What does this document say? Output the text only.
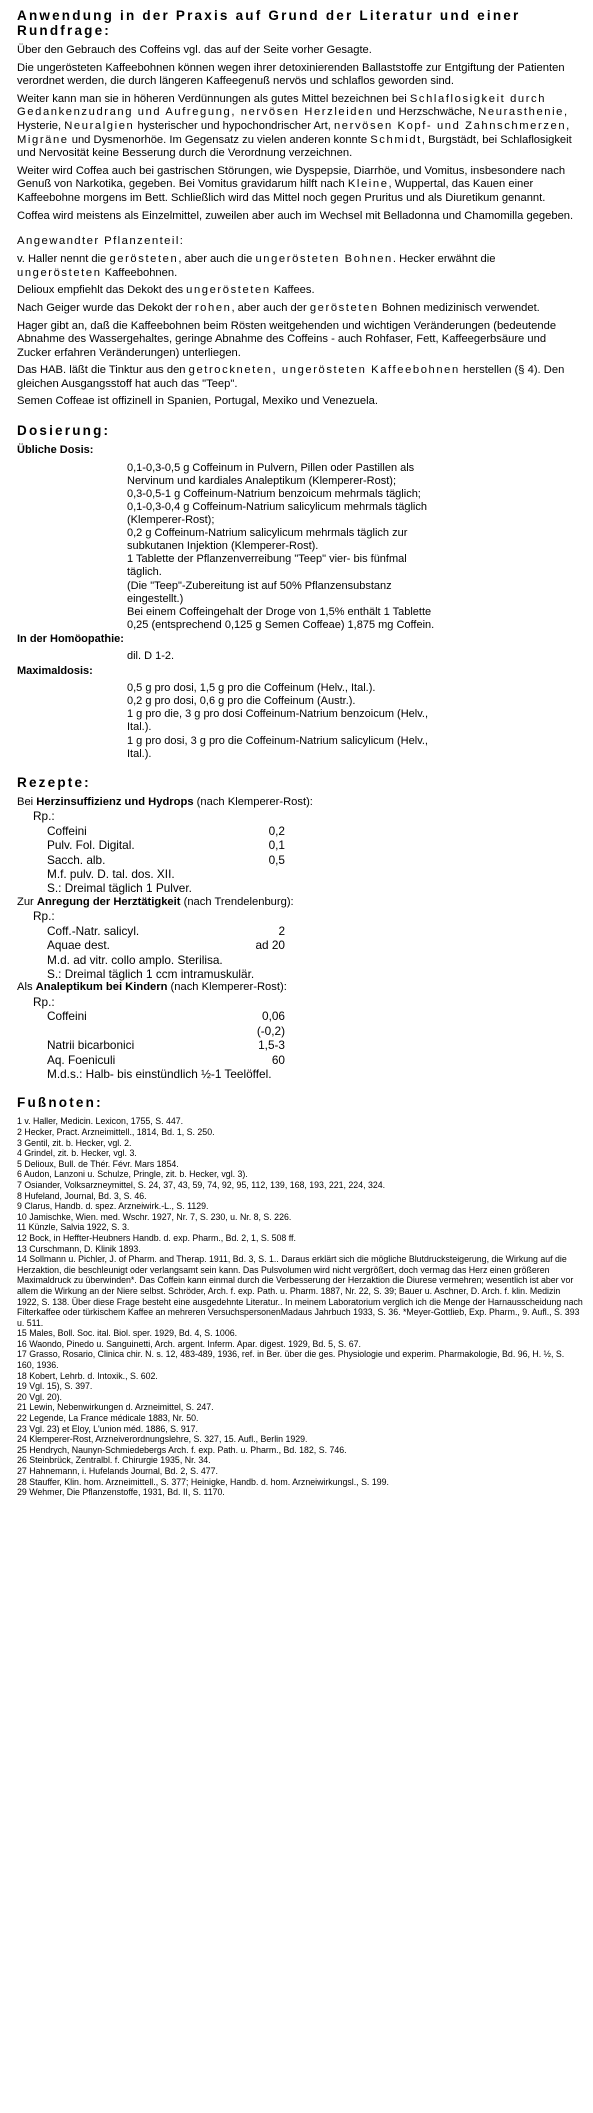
Anwendung in der Praxis auf Grund der Literatur und einer Rundfrage:

Über den Gebrauch des Coffeins vgl. das auf der Seite vorher Gesagte.

Die ungerösteten Kaffeebohnen können wegen ihrer detoxinierenden Ballaststoffe zur Entgiftung der Patienten verordnet werden, die durch längeren Kaffeegenuß nervös und schlaflos geworden sind.

Weiter kann man sie in höheren Verdünnungen als gutes Mittel bezeichnen bei Schlaflosigkeit durch Gedankenzudrang und Aufregung, nervösen Herzleiden und Herzschwäche, Neurasthenie, Hysterie, Neuralgien hysterischer und hypochondrischer Art, nervösen Kopf- und Zahnschmerzen, Migräne und Dysmenorhöe. Im Gegensatz zu vielen anderen konnte Schmidt, Burgstädt, bei Schlaflosigkeit und Nervosität keine Besserung durch die Verordnung verzeichnen.

Weiter wird Coffea auch bei gastrischen Störungen, wie Dyspepsie, Diarrhöe, und Vomitus, insbesondere nach Genuß von Narkotika, gegeben. Bei Vomitus gravidarum hilft nach Kleine, Wuppertal, das Kauen einer Kaffeebohne morgens im Bett. Schließlich wird das Mittel noch gegen Pruritus und als Diuretikum genannt.

Coffea wird meistens als Einzelmittel, zuweilen aber auch im Wechsel mit Belladonna und Chamomilla gegeben.

Angewandter Pflanzenteil:

v. Haller nennt die gerösteten, aber auch die ungerösteten Bohnen. Hecker erwähnt die ungerösteten Kaffeebohnen.

Delioux empfiehlt das Dekokt des ungerösteten Kaffees.

Nach Geiger wurde das Dekokt der rohen, aber auch der gerösteten Bohnen medizinisch verwendet.

Hager gibt an, daß die Kaffeebohnen beim Rösten weitgehenden und wichtigen Veränderungen (bedeutende Abnahme des Wassergehaltes, geringe Abnahme des Coffeins - auch Rohfaser, Fett, Kaffeegerbsäure und Zucker erfahren Veränderungen) unterliegen.

Das HAB. läßt die Tinktur aus den getrockneten, ungerösteten Kaffeebohnen herstellen (§ 4). Den gleichen Ausgangsstoff hat auch das "Teep".

Semen Coffeae ist offizinell in Spanien, Portugal, Mexiko und Venezuela.

Dosierung:
Übliche Dosis:
0,1-0,3-0,5 g Coffeinum in Pulvern, Pillen oder Pastillen als
Nervinum und kardiales Analeptikum (Klemperer-Rost);
0,3-0,5-1 g Coffeinum-Natrium benzoicum mehrmals täglich;
0,1-0,3-0,4 g Coffeinum-Natrium salicylicum mehrmals täglich
(Klemperer-Rost);
0,2 g Coffeinum-Natrium salicylicum mehrmals täglich zur
subkutanen Injektion (Klemperer-Rost).
1 Tablette der Pflanzenverreibung "Teep" vier- bis fünfmal
täglich.
(Die "Teep"-Zubereitung ist auf 50% Pflanzensubstanz
eingestellt.)
Bei einem Coffeingehalt der Droge von 1,5% enthält 1 Tablette
0,25 (entsprechend 0,125 g Semen Coffeae) 1,875 mg Coffein.
In der Homöopathie:
dil. D 1-2.
Maximaldosis:
0,5 g pro dosi, 1,5 g pro die Coffeinum (Helv., Ital.).
0,2 g pro dosi, 0,6 g pro die Coffeinum (Austr.).
1 g pro die, 3 g pro dosi Coffeinum-Natrium benzoicum (Helv.,
Ital.).
1 g pro dosi, 3 g pro die Coffeinum-Natrium salicylicum (Helv.,
Ital.).
Rezepte:

Bei Herzinsuffizienz und Hydrops (nach Klemperer-Rost):

Rp.:
Coffeini	0,2
Pulv. Fol. Digital.	0,1
Sacch. alb.	0,5
M.f. pulv. D. tal. dos. XII.
S.: Dreimal täglich 1 Pulver.

Zur Anregung der Herztätigkeit (nach Trendelenburg):

Rp.:
Coff.-Natr. salicyl.	2
Aquae dest.	ad 20
M.d. ad vitr. collo amplo. Sterilisa.
S.: Dreimal täglich 1 ccm intramuskulär.

Als Analeptikum bei Kindern (nach Klemperer-Rost):

Rp.:
Coffeini	0,06
(-0,2)
Natrii bicarbonici	1,5-3
Aq. Foeniculi	60
M.d.s.: Halb- bis einstündlich ½-1 Teelöffel.
Fußnoten:

1 v. Haller, Medicin. Lexicon, 1755, S. 447.

2 Hecker, Pract. Arzneimittell., 1814, Bd. 1, S. 250.

3 Gentil, zit. b. Hecker, vgl. 2.

4 Grindel, zit. b. Hecker, vgl. 3.

5 Delioux, Bull. de Thér. Févr. Mars 1854.

6 Audon, Lanzoni u. Schulze, Pringle, zit. b. Hecker, vgl. 3).

7 Osiander, Volksarzneymittel, S. 24, 37, 43, 59, 74, 92, 95, 112, 139, 168, 193, 221, 224, 324.

8 Hufeland, Journal, Bd. 3, S. 46.

9 Clarus, Handb. d. spez. Arzneiwirk.-L., S. 1129.

10 Jamischke, Wien. med. Wschr. 1927, Nr. 7, S. 230, u. Nr. 8, S. 226.

11 Künzle, Salvia 1922, S. 3.

12 Bock, in Heffter-Heubners Handb. d. exp. Pharm., Bd. 2, 1, S. 508 ff.

13 Curschmann, D. Klinik 1893.

14 Sollmann u. Pichler, J. of Pharm. and Therap. 1911, Bd. 3, S. 1.. Daraus erklärt sich die mögliche Blutdrucksteigerung, die Wirkung auf die Herzaktion, die beschleunigt oder verlangsamt sein kann. Das Pulsvolumen wird nicht vergrößert, doch vermag das Herz einen größeren Maximaldruck zu überwinden*. Das Coffein kann einmal durch die Verbesserung der Herzaktion die Diurese vermehren; wesentlich ist aber vor allem die Wirkung an der Niere selbst. Schröder, Arch. f. exp. Path. u. Pharm. 1887, Nr. 22, S. 39; Bauer u. Aschner, D. Arch. f. klin. Medizin 1922, S. 138. Über diese Frage besteht eine ausgedehnte Literatur.. In meinem Laboratorium verglich ich die Menge der Harnausscheidung nach Filterkaffee oder türkischem Kaffee an mehreren VersuchspersonenMadaus Jahrbuch 1933, S. 36. *Meyer-Gottlieb, Exp. Pharm., 9. Aufl., S. 393 u. 511.

15 Males, Boll. Soc. ital. Biol. sper. 1929, Bd. 4, S. 1006.

16 Waondo, Pinedo u. Sanguinetti, Arch. argent. Inferm. Apar. digest. 1929, Bd. 5, S. 67.

17 Grasso, Rosario, Clinica chir. N. s. 12, 483-489, 1936, ref. in Ber. über die ges. Physiologie und experim. Pharmakologie, Bd. 96, H. ½, S. 160, 1936.

18 Kobert, Lehrb. d. Intoxik., S. 602.

19 Vgl. 15), S. 397.

20 Vgl. 20).

21 Lewin, Nebenwirkungen d. Arzneimittel, S. 247.

22 Legende, La France médicale 1883, Nr. 50.

23 Vgl. 23) et Eloy, L'union méd. 1886, S. 917.

24 Klemperer-Rost, Arzneiverordnungslehre, S. 327, 15. Aufl., Berlin 1929.

25 Hendrych, Naunyn-Schmiedebergs Arch. f. exp. Path. u. Pharm., Bd. 182, S. 746.

26 Steinbrück, Zentralbl. f. Chirurgie 1935, Nr. 34.

27 Hahnemann, i. Hufelands Journal, Bd. 2, S. 477.

28 Stauffer, Klin. hom. Arzneimittell., S. 377; Heinigke, Handb. d. hom. Arzneiwirkungsl., S. 199.

29 Wehmer, Die Pflanzenstoffe, 1931, Bd. II, S. 1170.
